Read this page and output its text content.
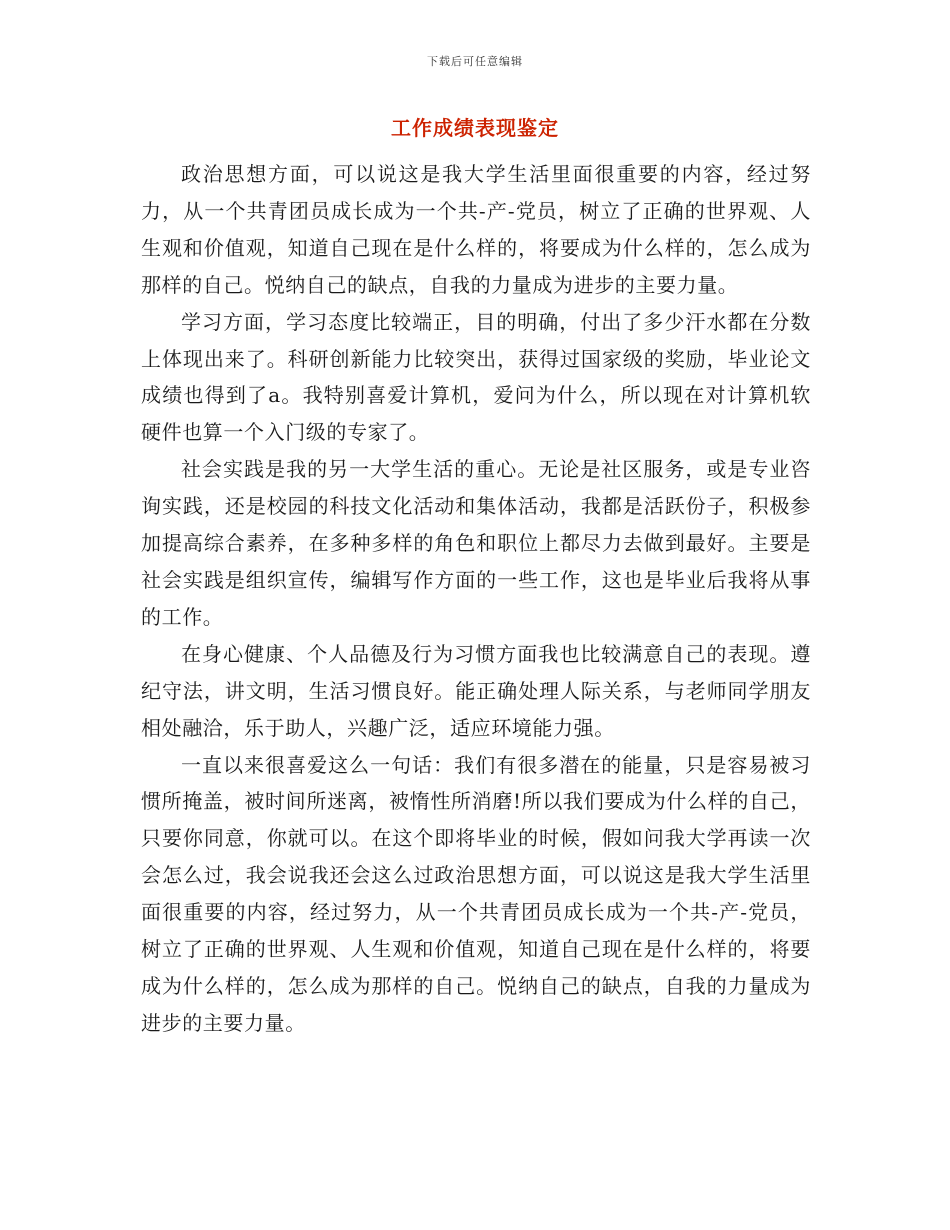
下载后可任意编辑
工作成绩表现鉴定

政治思想方面，可以说这是我大学生活里面很重要的内容，经过努力，从一个共青团员成长成为一个共-产-党员，树立了正确的世界观、人生观和价值观，知道自己现在是什么样的，将要成为什么样的，怎么成为那样的自己。悦纳自己的缺点，自我的力量成为进步的主要力量。

学习方面，学习态度比较端正，目的明确，付出了多少汗水都在分数上体现出来了。科研创新能力比较突出，获得过国家级的奖励，毕业论文成绩也得到了a。我特别喜爱计算机，爱问为什么，所以现在对计算机软硬件也算一个入门级的专家了。

社会实践是我的另一大学生活的重心。无论是社区服务，或是专业咨询实践，还是校园的科技文化活动和集体活动，我都是活跃份子，积极参加提高综合素养，在多种多样的角色和职位上都尽力去做到最好。主要是社会实践是组织宣传，编辑写作方面的一些工作，这也是毕业后我将从事的工作。

在身心健康、个人品德及行为习惯方面我也比较满意自己的表现。遵纪守法，讲文明，生活习惯良好。能正确处理人际关系，与老师同学朋友相处融洽，乐于助人，兴趣广泛，适应环境能力强。

一直以来很喜爱这么一句话：我们有很多潜在的能量，只是容易被习惯所掩盖，被时间所迷离，被惰性所消磨!所以我们要成为什么样的自己，只要你同意，你就可以。在这个即将毕业的时候，假如问我大学再读一次会怎么过，我会说我还会这么过政治思想方面，可以说这是我大学生活里面很重要的内容，经过努力，从一个共青团员成长成为一个共-产-党员，树立了正确的世界观、人生观和价值观，知道自己现在是什么样的，将要成为什么样的，怎么成为那样的自己。悦纳自己的缺点，自我的力量成为进步的主要力量。
